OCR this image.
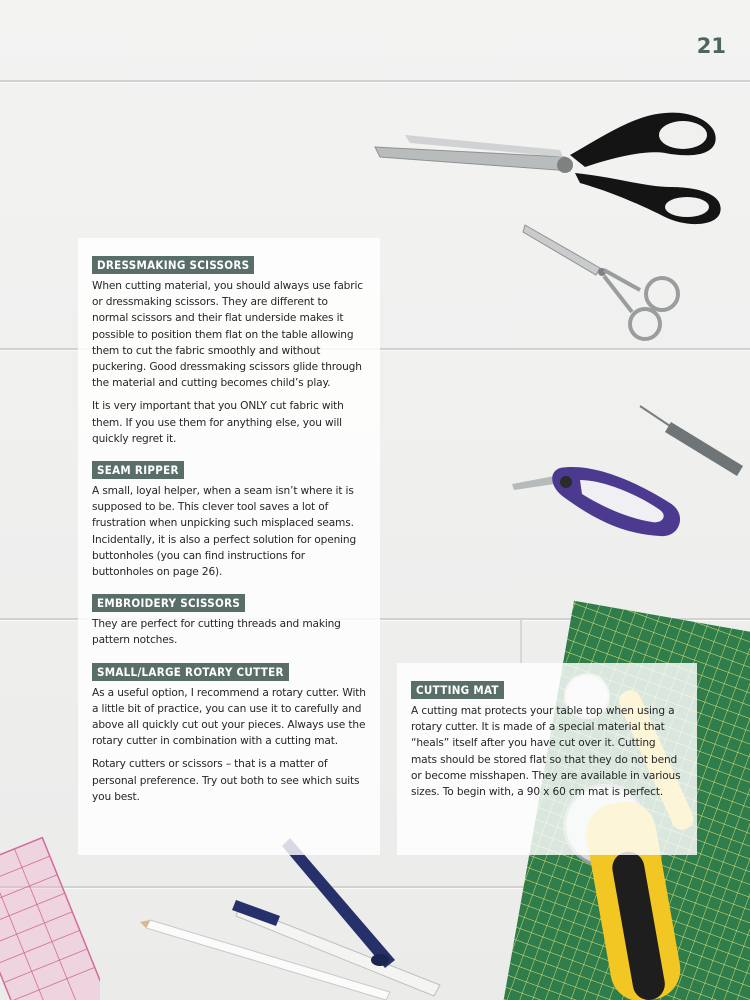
21
DRESSMAKING SCISSORS

When cutting material, you should always use fabric or dressmaking scissors. They are different to normal scissors and their flat underside makes it possible to position them flat on the table allowing them to cut the fabric smoothly and without puckering. Good dressmaking scissors glide through the material and cutting becomes child’s play.

It is very important that you ONLY cut fabric with them. If you use them for anything else, you will quickly regret it.

SEAM RIPPER

A small, loyal helper, when a seam isn’t where it is supposed to be. This clever tool saves a lot of frustration when unpicking such misplaced seams. Incidentally, it is also a perfect solution for opening buttonholes (you can find instructions for buttonholes on page 26).

EMBROIDERY SCISSORS

They are perfect for cutting threads and making pattern notches.

SMALL/LARGE ROTARY CUTTER

As a useful option, I recommend a rotary cutter. With a little bit of practice, you can use it to carefully and above all quickly cut out your pieces. Always use the rotary cutter in combination with a cutting mat.

Rotary cutters or scissors – that is a matter of personal preference. Try out both to see which suits you best.

CUTTING MAT

A cutting mat protects your table top when using a rotary cutter. It is made of a special material that “heals” itself after you have cut over it. Cutting mats should be stored flat so that they do not bend or become misshapen. They are available in various sizes. To begin with, a 90 x 60 cm mat is perfect.
